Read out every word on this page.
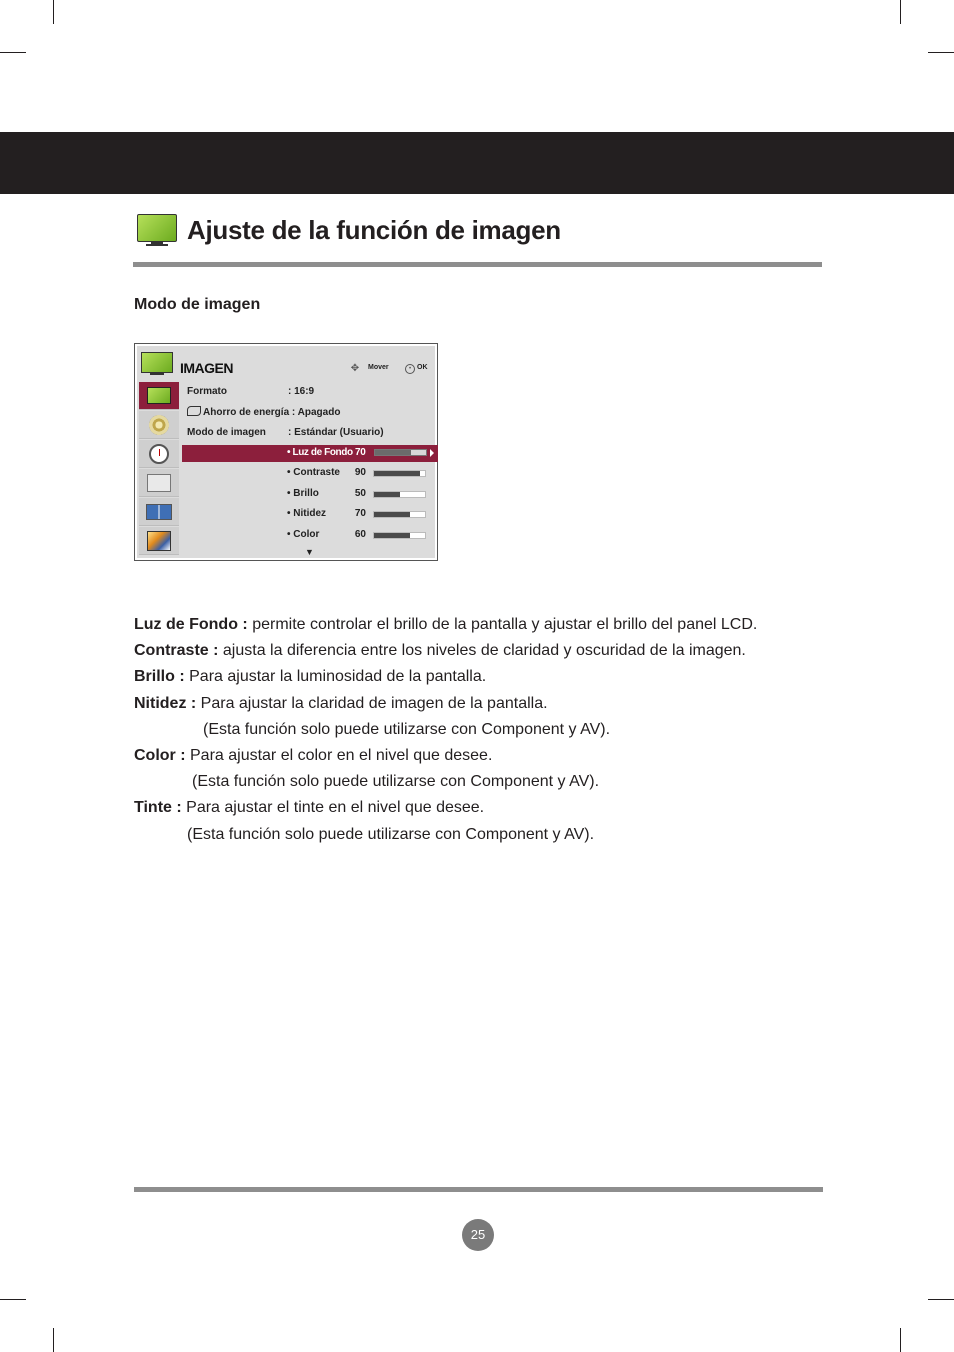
Ajuste de la función de imagen
Modo de imagen
IMAGEN	✥	Mover	• OK
Formato	: 16:9
Ahorro de energía : Apagado
Modo de imagen : Estándar (Usuario)
• Luz de Fondo 70
• Contraste 90
• Brillo	50
• Nitidez	70
• Color	60
▼

Luz de Fondo : permite controlar el brillo de la pantalla y ajustar el brillo del panel LCD.

Contraste : ajusta la diferencia entre los niveles de claridad y oscuridad de la imagen.

Brillo : Para ajustar la luminosidad de la pantalla.

Nitidez : Para ajustar la claridad de imagen de la pantalla.

(Esta función solo puede utilizarse con Component y AV).

Color : Para ajustar el color en el nivel que desee.

(Esta función solo puede utilizarse con Component y AV).

Tinte : Para ajustar el tinte en el nivel que desee.

(Esta función solo puede utilizarse con Component y AV).

25
